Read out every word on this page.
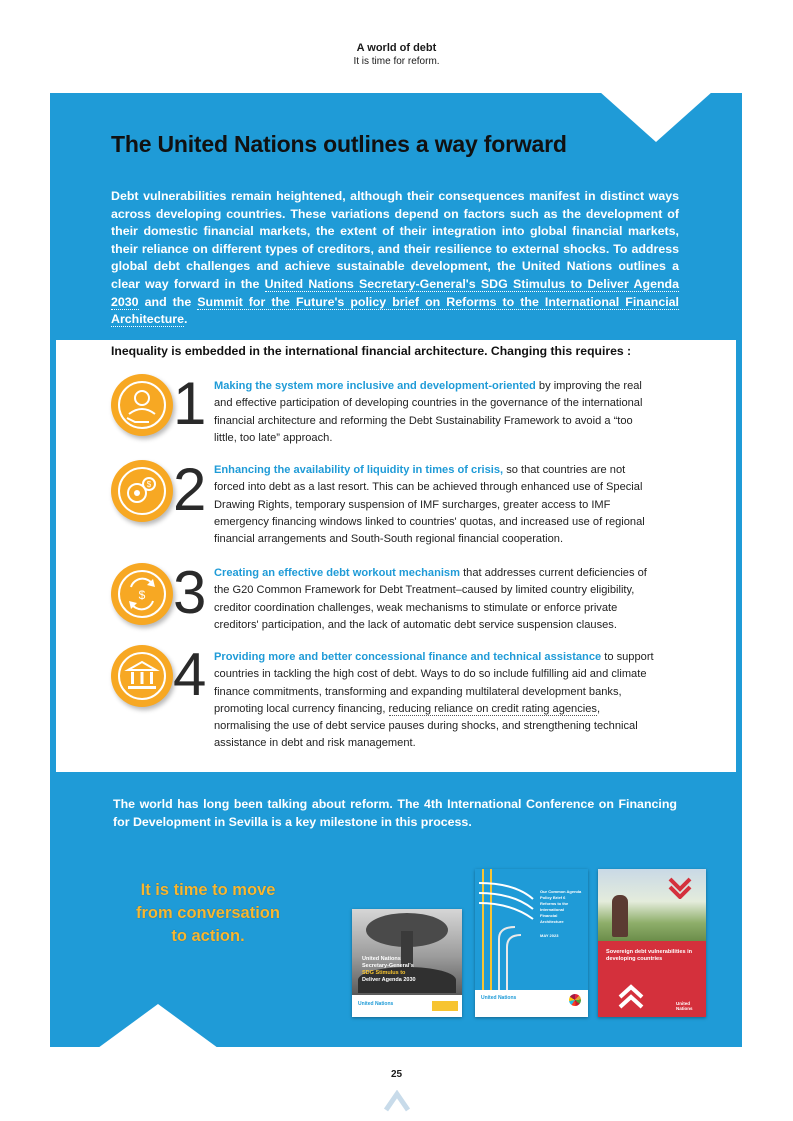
A world of debt
It is time for reform.
The United Nations outlines a way forward

Debt vulnerabilities remain heightened, although their consequences manifest in distinct ways across developing countries. These variations depend on factors such as the development of their domestic financial markets, the extent of their integration into global financial markets, their reliance on different types of creditors, and their resilience to external shocks. To address global debt challenges and achieve sustainable development, the United Nations outlines a clear way forward in the United Nations Secretary-General's SDG Stimulus to Deliver Agenda 2030 and the Summit for the Future's policy brief on Reforms to the International Financial Architecture.

Inequality is embedded in the international financial architecture. Changing this requires :

1 Making the system more inclusive and development-oriented by improving the real and effective participation of developing countries in the governance of the international financial architecture and reforming the Debt Sustainability Framework to avoid a “too little, too late” approach.

$ 2 Enhancing the availability of liquidity in times of crisis, so that countries are not forced into debt as a last resort. This can be achieved through enhanced use of Special Drawing Rights, temporary suspension of IMF surcharges, greater access to IMF emergency financing windows linked to countries' quotas, and increased use of regional financial arrangements and South-South regional financial cooperation.

$ 3 Creating an effective debt workout mechanism that addresses current deficiencies of the G20 Common Framework for Debt Treatment–caused by limited country eligibility, creditor coordination challenges, weak mechanisms to stimulate or enforce private creditors' participation, and the lack of automatic debt service suspension clauses.

4 Providing more and better concessional finance and technical assistance to support countries in tackling the high cost of debt. Ways to do so include fulfilling aid and climate finance commitments, transforming and expanding multilateral development banks, promoting local currency financing, reducing reliance on credit rating agencies, normalising the use of debt service pauses during shocks, and strengthening technical assistance in debt and risk management.

The world has long been talking about reform. The 4th International Conference on Financing for Development in Sevilla is a key milestone in this process.

It is time to move
from conversation
to action.
United Nations
Secretary-General's
SDG Stimulus to
Deliver Agenda 2030
United Nations
Our Common Agenda
Policy Brief 6
Reforms to the
International
Financial
Architecture
MAY 2023
United Nations
Sovereign debt vulnerabilities in developing countries
United Nations
25
